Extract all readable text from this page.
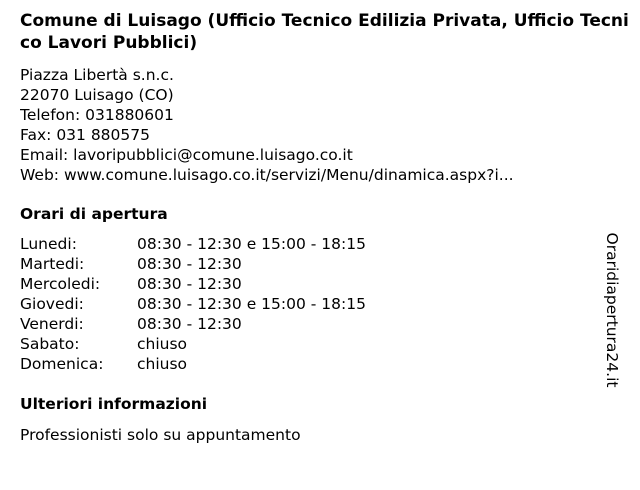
Comune di Luisago (Ufficio Tecnico Edilizia Privata, Ufficio Tecnico Lavori Pubblici)
Piazza Libertà s.n.c.
22070 Luisago (CO)
Telefon: 031880601
Fax: 031 880575
Email: lavoripubblici@comune.luisago.co.it
Web: www.comune.luisago.co.it/servizi/Menu/dinamica.aspx?i...
Orari di apertura
Lunedi:	08:30 - 12:30 e 15:00 - 18:15
Martedi:	08:30 - 12:30
Mercoledi:	08:30 - 12:30
Giovedi:	08:30 - 12:30 e 15:00 - 18:15
Venerdi:	08:30 - 12:30
Sabato:	chiuso
Domenica:	chiuso
Ulteriori informazioni
Professionisti solo su appuntamento
Oraridiapertura24.it
